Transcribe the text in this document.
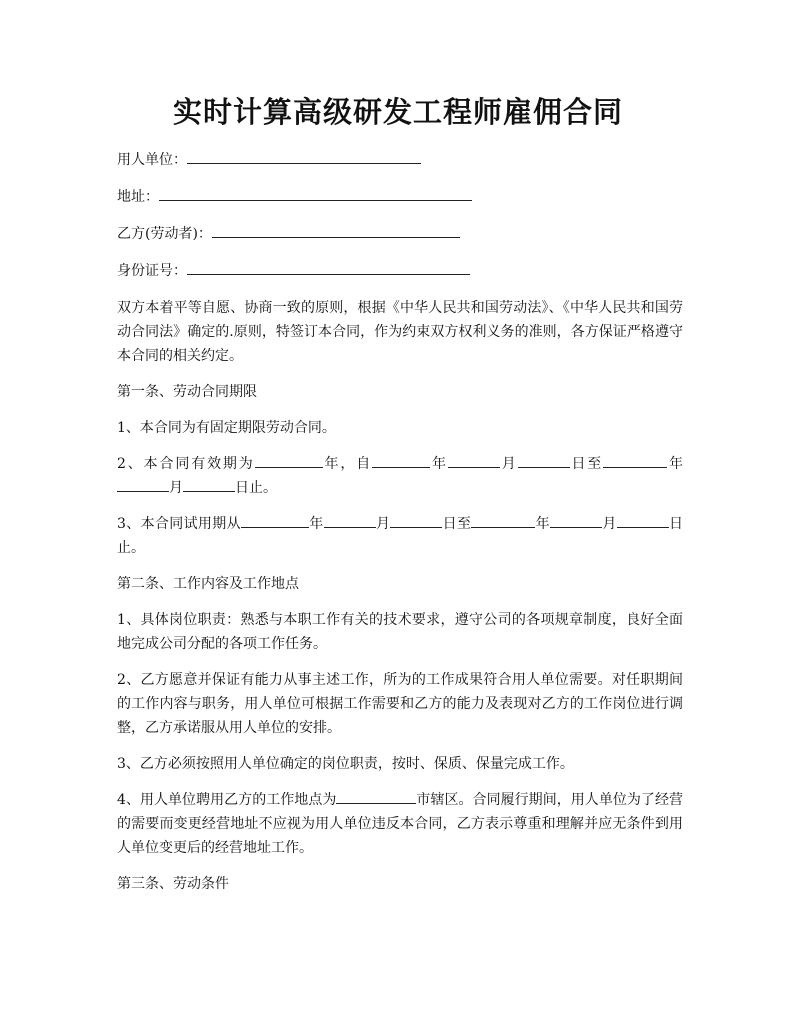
实时计算高级研发工程师雇佣合同
用人单位：
地址：
乙方(劳动者)：
身份证号：

双方本着平等自愿、协商一致的原则，根据《中华人民共和国劳动法》、《中华人民共和国劳动合同法》确定的.原则，特签订本合同，作为约束双方权利义务的准则，各方保证严格遵守本合同的相关约定。

第一条、劳动合同期限

1、本合同为有固定期限劳动合同。

2、本合同有效期为	年，自	年	月	日至	年月	日止。

3、本合同试用期从	年	月	日至	年	月	日止。

第二条、工作内容及工作地点

1、具体岗位职责：熟悉与本职工作有关的技术要求，遵守公司的各项规章制度，良好全面地完成公司分配的各项工作任务。

2、乙方愿意并保证有能力从事主述工作，所为的工作成果符合用人单位需要。对任职期间的工作内容与职务，用人单位可根据工作需要和乙方的能力及表现对乙方的工作岗位进行调整，乙方承诺服从用人单位的安排。

3、乙方必须按照用人单位确定的岗位职责，按时、保质、保量完成工作。

4、用人单位聘用乙方的工作地点为	市辖区。合同履行期间，用人单位为了经营的需要而变更经营地址不应视为用人单位违反本合同，乙方表示尊重和理解并应无条件到用人单位变更后的经营地址工作。

第三条、劳动条件
